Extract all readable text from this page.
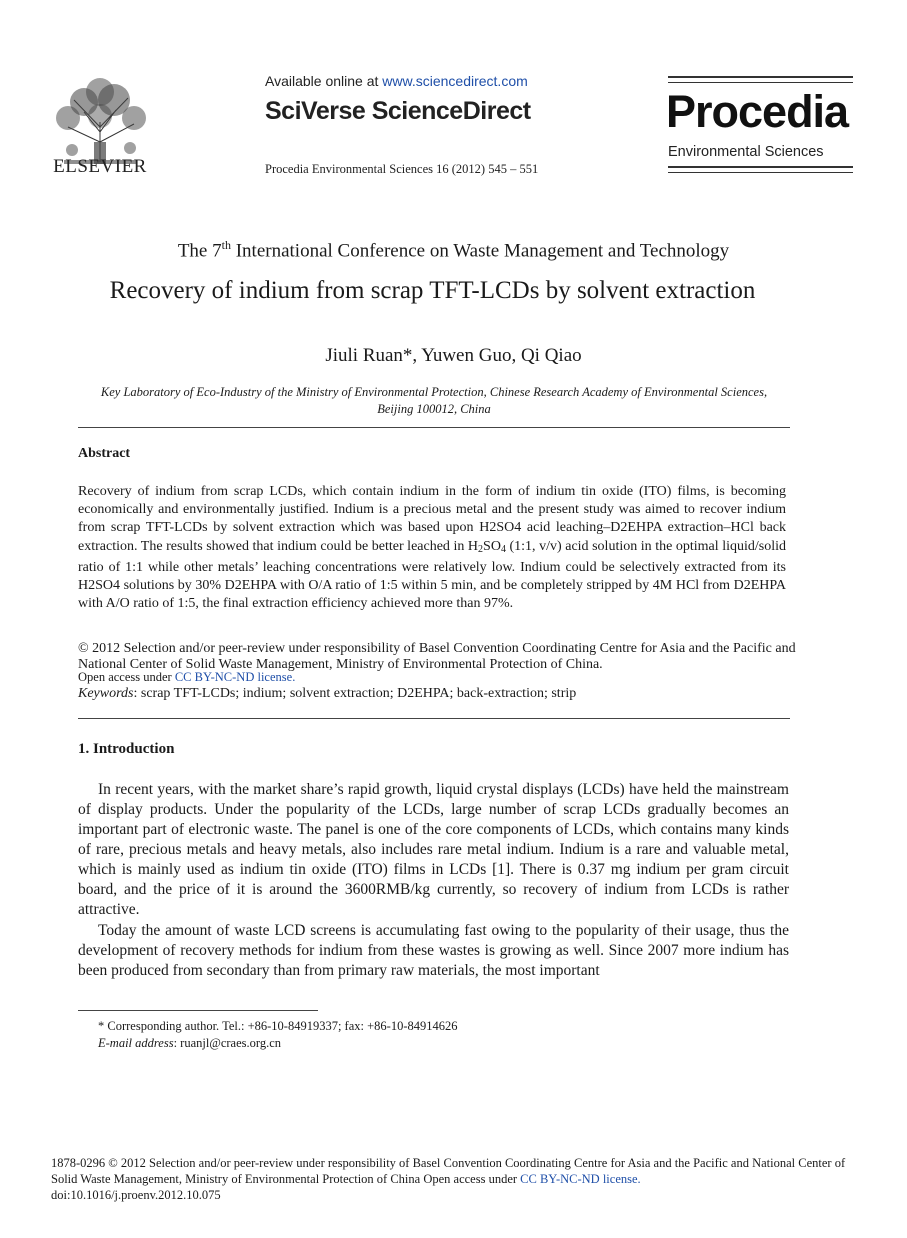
ELSEVIER
Available online at www.sciencedirect.com
SciVerse ScienceDirect
Procedia Environmental Sciences 16 (2012) 545 – 551
Procedia
Environmental Sciences
The 7th International Conference on Waste Management and Technology
Recovery of indium from scrap TFT-LCDs by solvent extraction
Jiuli Ruan*, Yuwen Guo, Qi Qiao
Key Laboratory of Eco-Industry of the Ministry of Environmental Protection, Chinese Research Academy of Environmental Sciences, Beijing 100012, China
Abstract
Recovery of indium from scrap LCDs, which contain indium in the form of indium tin oxide (ITO) films, is becoming economically and environmentally justified. Indium is a precious metal and the present study was aimed to recover indium from scrap TFT-LCDs by solvent extraction which was based upon H2SO4 acid leaching–D2EHPA extraction–HCl back extraction. The results showed that indium could be better leached in $H_2SO_4$ (1:1, v/v) acid solution in the optimal liquid/solid ratio of 1:1 while other metals’ leaching concentrations were relatively low. Indium could be selectively extracted from its H2SO4 solutions by 30% D2EHPA with O/A ratio of 1:5 within 5 min, and be completely stripped by 4M HCl from D2EHPA with A/O ratio of 1:5, the final extraction efficiency achieved more than 97%.
© 2012 Selection and/or peer-review under responsibility of Basel Convention Coordinating Centre for Asia and the Pacific and National Center of Solid Waste Management, Ministry of Environmental Protection of China.
Open access under CC BY-NC-ND license.
Keywords: scrap TFT-LCDs; indium; solvent extraction; D2EHPA; back-extraction; strip
1. Introduction
In recent years, with the market share’s rapid growth, liquid crystal displays (LCDs) have held the mainstream of display products. Under the popularity of the LCDs, large number of scrap LCDs gradually becomes an important part of electronic waste. The panel is one of the core components of LCDs, which contains many kinds of rare, precious metals and heavy metals, also includes rare metal indium. Indium is a rare and valuable metal, which is mainly used as indium tin oxide (ITO) films in LCDs [1]. There is 0.37 mg indium per gram circuit board, and the price of it is around the 3600RMB/kg currently, so recovery of indium from LCDs is rather attractive.
Today the amount of waste LCD screens is accumulating fast owing to the popularity of their usage, thus the development of recovery methods for indium from these wastes is growing as well. Since 2007 more indium has been produced from secondary than from primary raw materials, the most important
* Corresponding author. Tel.: +86-10-84919337; fax: +86-10-84914626
E-mail address: ruanjl@craes.org.cn
1878-0296 © 2012 Selection and/or peer-review under responsibility of Basel Convention Coordinating Centre for Asia and the Pacific and National Center of Solid Waste Management, Ministry of Environmental Protection of China Open access under CC BY-NC-ND license.
doi:10.1016/j.proenv.2012.10.075
